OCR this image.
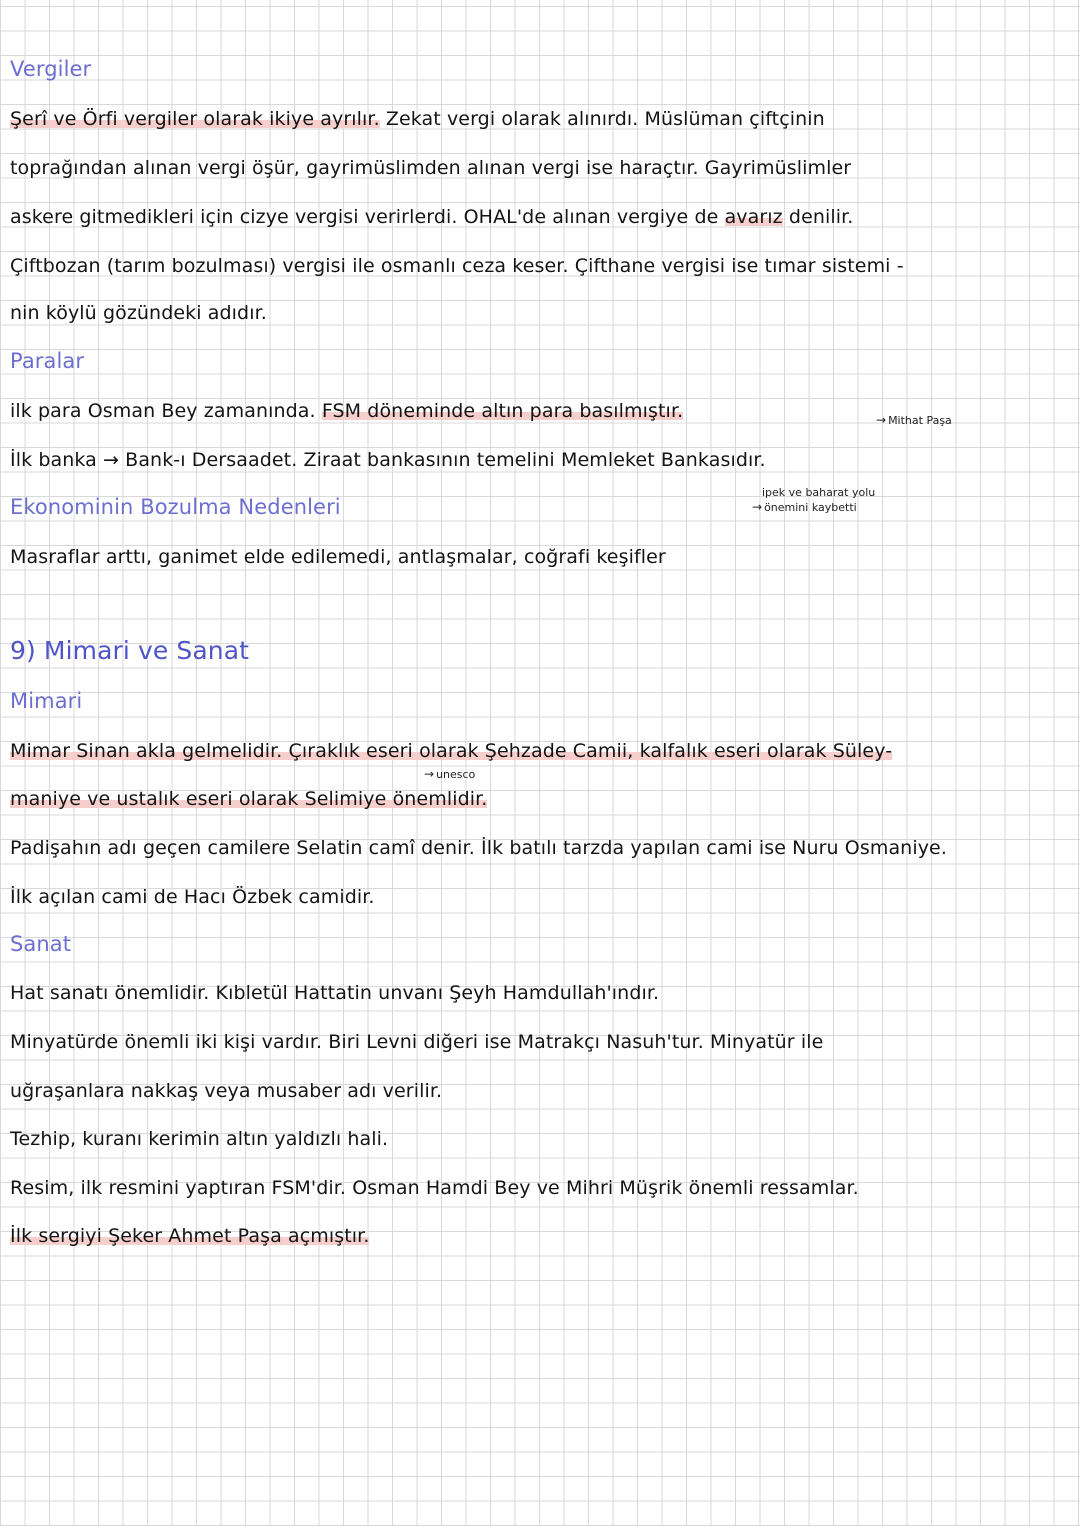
Vergiler
Şerî ve Örfi vergiler olarak ikiye ayrılır. Zekat vergi olarak alınırdı. Müslüman çiftçinin
toprağından alınan vergi öşür, gayrimüslimden alınan vergi ise haraçtır. Gayrimüslimler
askere gitmedikleri için cizye vergisi verirlerdi. OHAL'de alınan vergiye de avarız denilir.
Çiftbozan (tarım bozulması) vergisi ile osmanlı ceza keser. Çifthane vergisi ise tımar sistemi -
nin köylü gözündeki adıdır.
Paralar
ilk para Osman Bey zamanında. FSM döneminde altın para basılmıştır.	→ Mithat Paşa
İlk banka → Bank-ı Dersaadet. Ziraat bankasının temelini Memleket Bankasıdır.
Ekonominin Bozulma Nedenleri
ipek ve baharat yolu
→ önemini kaybetti
Masraflar arttı, ganimet elde edilemedi, antlaşmalar, coğrafi keşifler
9) Mimari ve Sanat
Mimari
Mimar Sinan akla gelmelidir. Çıraklık eseri olarak Şehzade Camii, kalfalık eseri olarak Süley-
→ unesco
maniye ve ustalık eseri olarak Selimiye önemlidir.
Padişahın adı geçen camilere Selatin camî denir. İlk batılı tarzda yapılan cami ise Nuru Osmaniye.
İlk açılan cami de Hacı Özbek camidir.
Sanat
Hat sanatı önemlidir. Kıbletül Hattatin unvanı Şeyh Hamdullah'ındır.
Minyatürde önemli iki kişi vardır. Biri Levni diğeri ise Matrakçı Nasuh'tur. Minyatür ile
uğraşanlara nakkaş veya musaber adı verilir.
Tezhip, kuranı kerimin altın yaldızlı hali.
Resim, ilk resmini yaptıran FSM'dir. Osman Hamdi Bey ve Mihri Müşrik önemli ressamlar.
İlk sergiyi Şeker Ahmet Paşa açmıştır.
